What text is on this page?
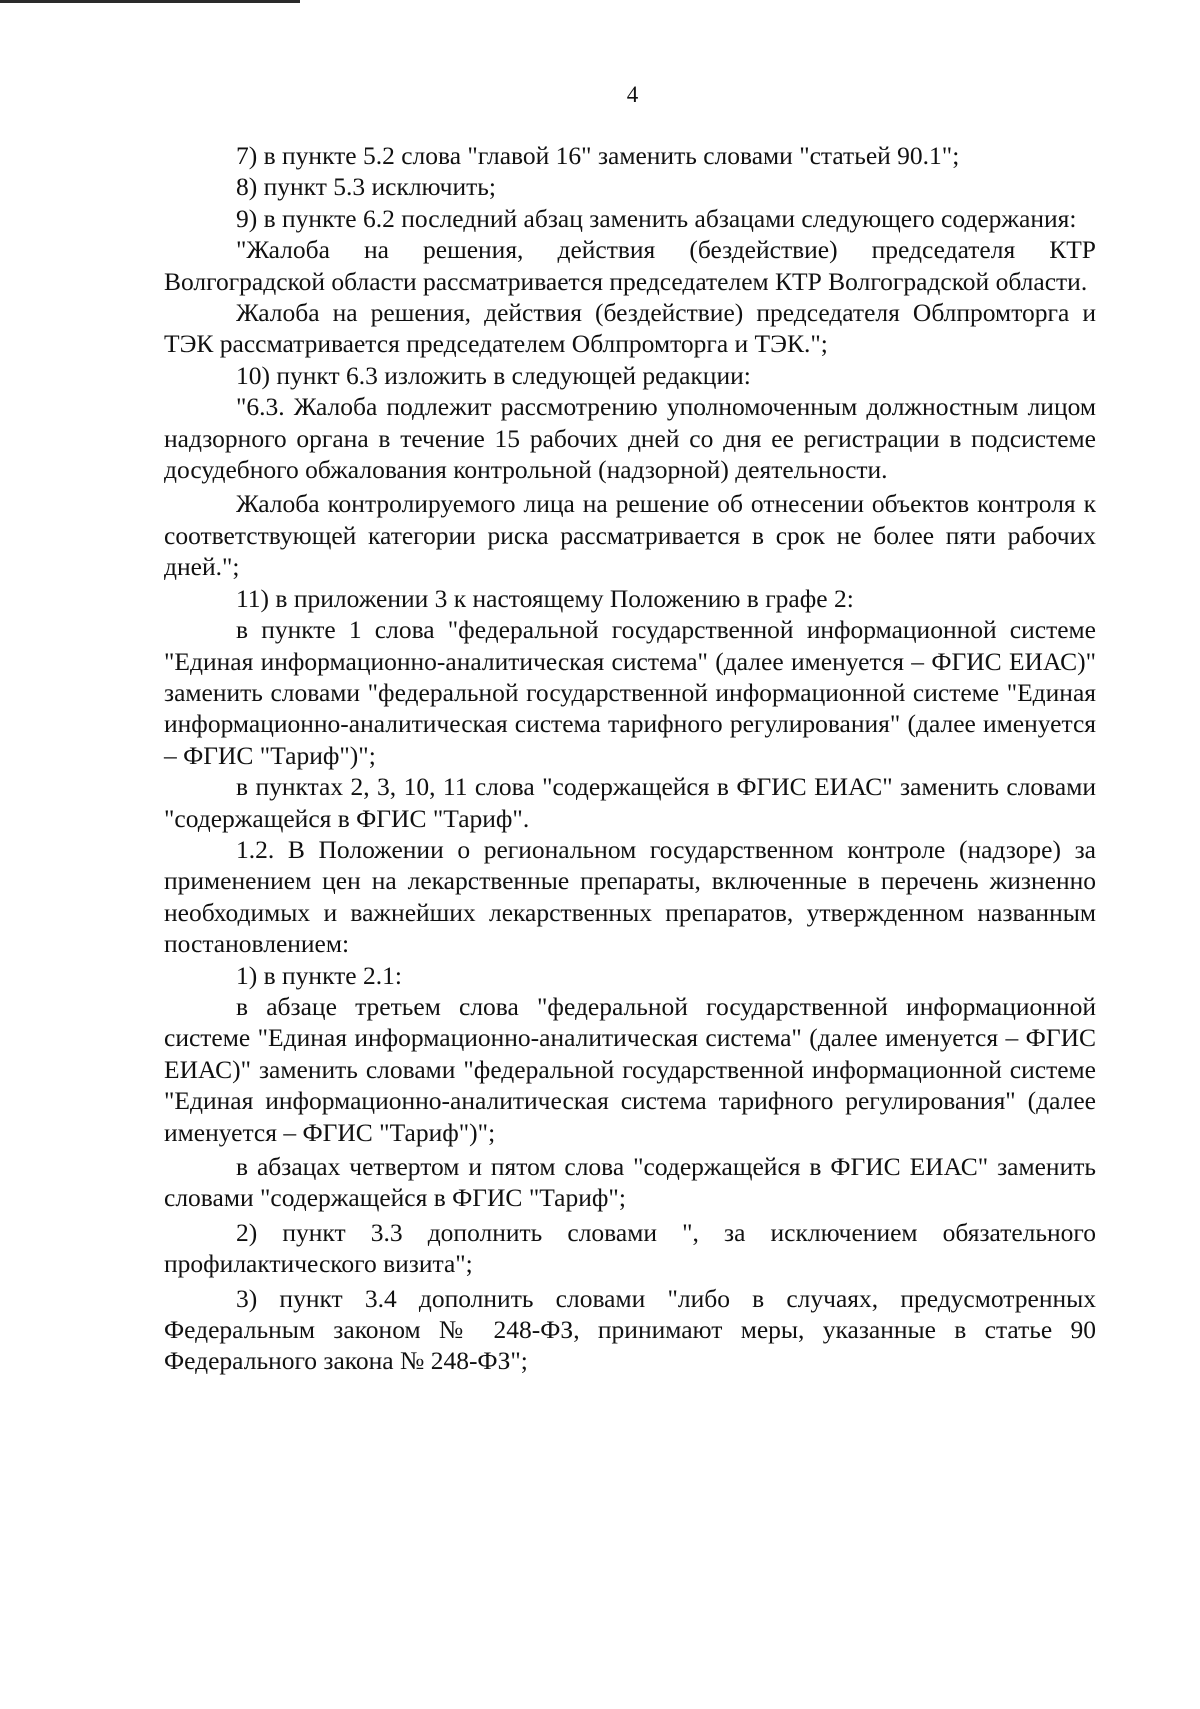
4

7) в пункте 5.2 слова "главой 16" заменить словами "статьей 90.1";

8) пункт 5.3 исключить;

9) в пункте 6.2 последний абзац заменить абзацами следующего содержания:

"Жалоба на решения, действия (бездействие) председателя КТР Волгоградской области рассматривается председателем КТР Волгоградской области.

Жалоба на решения, действия (бездействие) председателя Облпромторга и ТЭК рассматривается председателем Облпромторга и ТЭК.";

10) пункт 6.3 изложить в следующей редакции:

"6.3. Жалоба подлежит рассмотрению уполномоченным должностным лицом надзорного органа в течение 15 рабочих дней со дня ее регистрации в подсистеме досудебного обжалования контрольной (надзорной) деятельности.

Жалоба контролируемого лица на решение об отнесении объектов контроля к соответствующей категории риска рассматривается в срок не более пяти рабочих дней.";

11) в приложении 3 к настоящему Положению в графе 2:

в пункте 1 слова "федеральной государственной информационной системе "Единая информационно-аналитическая система" (далее именуется – ФГИС ЕИАС)" заменить словами "федеральной государственной информационной системе "Единая информационно-аналитическая система тарифного регулирования" (далее именуется – ФГИС "Тариф")";

в пунктах 2, 3, 10, 11 слова "содержащейся в ФГИС ЕИАС" заменить словами "содержащейся в ФГИС "Тариф".

1.2. В Положении о региональном государственном контроле (надзоре) за применением цен на лекарственные препараты, включенные в перечень жизненно необходимых и важнейших лекарственных препаратов, утвержденном названным постановлением:

1) в пункте 2.1:

в абзаце третьем слова "федеральной государственной информационной системе "Единая информационно-аналитическая система" (далее именуется – ФГИС ЕИАС)" заменить словами "федеральной государственной информационной системе "Единая информационно-аналитическая система тарифного регулирования" (далее именуется – ФГИС "Тариф")";

в абзацах четвертом и пятом слова "содержащейся в ФГИС ЕИАС" заменить словами "содержащейся в ФГИС "Тариф";

2) пункт 3.3 дополнить словами ", за исключением обязательного профилактического визита";

3) пункт 3.4 дополнить словами "либо в случаях, предусмотренных Федеральным законом № 248-ФЗ, принимают меры, указанные в статье 90 Федерального закона № 248-ФЗ";
